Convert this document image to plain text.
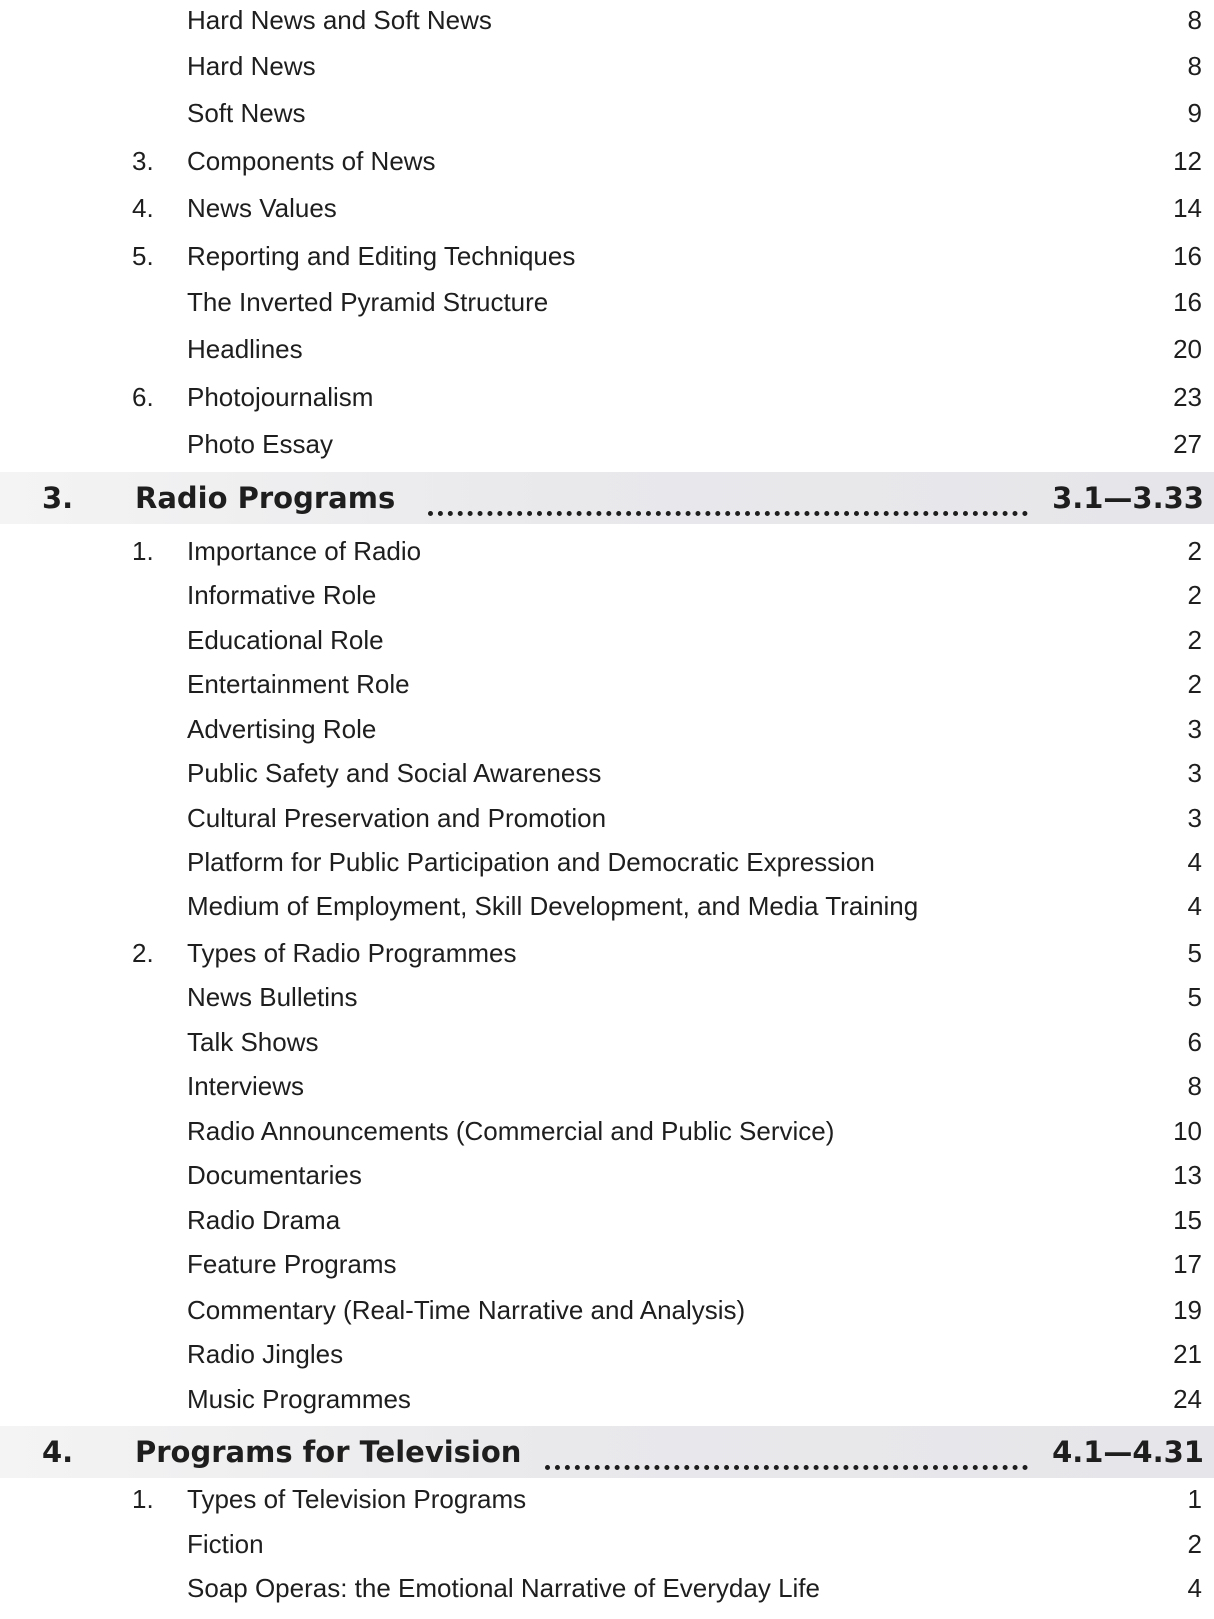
Hard News and Soft News	8
Hard News	8
Soft News	9
3. Components of News	12
4. News Values	14
5. Reporting and Editing Techniques	16
The Inverted Pyramid Structure	16
Headlines	20
6. Photojournalism	23
Photo Essay	27
3. Radio Programs	3.1—3.33
1. Importance of Radio	2
Informative Role	2
Educational Role	2
Entertainment Role	2
Advertising Role	3
Public Safety and Social Awareness	3
Cultural Preservation and Promotion	3
Platform for Public Participation and Democratic Expression	4
Medium of Employment, Skill Development, and Media Training	4
2. Types of Radio Programmes	5
News Bulletins	5
Talk Shows	6
Interviews	8
Radio Announcements (Commercial and Public Service)	10
Documentaries	13
Radio Drama	15
Feature Programs	17
Commentary (Real-Time Narrative and Analysis)	19
Radio Jingles	21
Music Programmes	24
4. Programs for Television	4.1—4.31
1. Types of Television Programs	1
Fiction	2
Soap Operas: the Emotional Narrative of Everyday Life	4
